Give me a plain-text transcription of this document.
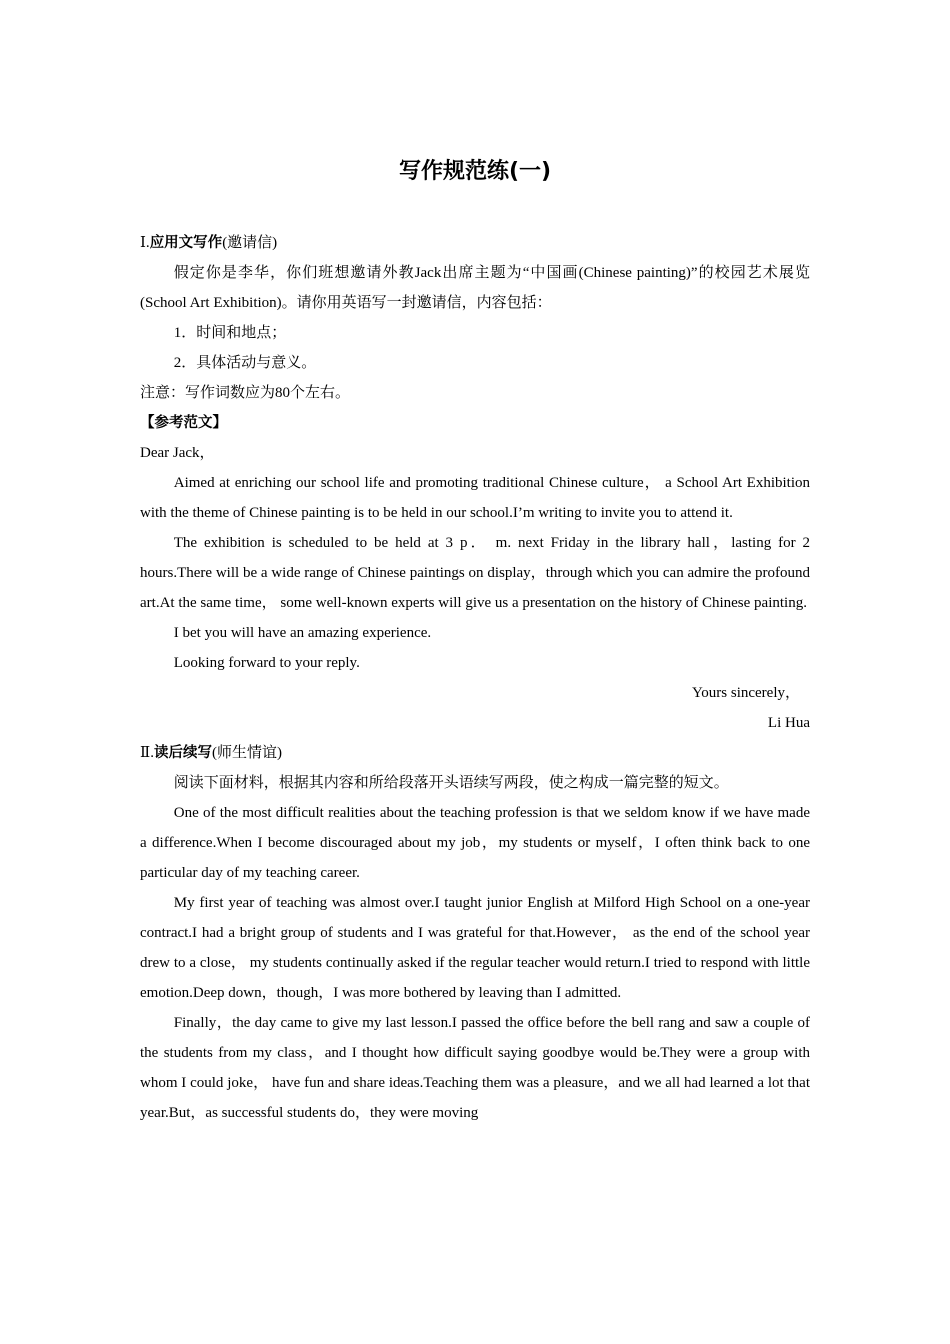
写作规范练(一)

Ⅰ.应用文写作(邀请信)

假定你是李华，你们班想邀请外教Jack出席主题为“中国画(Chinese painting)”的校园艺术展览(School Art Exhibition)。请你用英语写一封邀请信，内容包括：

1．时间和地点；

2．具体活动与意义。

注意：写作词数应为80个左右。

【参考范文】

Dear Jack，

Aimed at enriching our school life and promoting traditional Chinese culture， a School Art Exhibition with the theme of Chinese painting is to be held in our school.I’m writing to invite you to attend it.

The exhibition is scheduled to be held at 3 p． m. next Friday in the library hall，lasting for 2 hours.There will be a wide range of Chinese paintings on display，through which you can admire the profound art.At the same time， some well-known experts will give us a presentation on the history of Chinese painting.

I bet you will have an amazing experience.

Looking forward to your reply.

Yours sincerely，

Li Hua

Ⅱ.读后续写(师生情谊)

阅读下面材料，根据其内容和所给段落开头语续写两段，使之构成一篇完整的短文。

One of the most difficult realities about the teaching profession is that we seldom know if we have made a difference.When I become discouraged about my job，my students or myself，I often think back to one particular day of my teaching career.

My first year of teaching was almost over.I taught junior English at Milford High School on a one-year contract.I had a bright group of students and I was grateful for that.However， as the end of the school year drew to a close， my students continually asked if the regular teacher would return.I tried to respond with little emotion.Deep down，though，I was more bothered by leaving than I admitted.

Finally，the day came to give my last lesson.I passed the office before the bell rang and saw a couple of the students from my class，and I thought how difficult saying goodbye would be.They were a group with whom I could joke， have fun and share ideas.Teaching them was a pleasure，and we all had learned a lot that year.But，as successful students do，they were moving
